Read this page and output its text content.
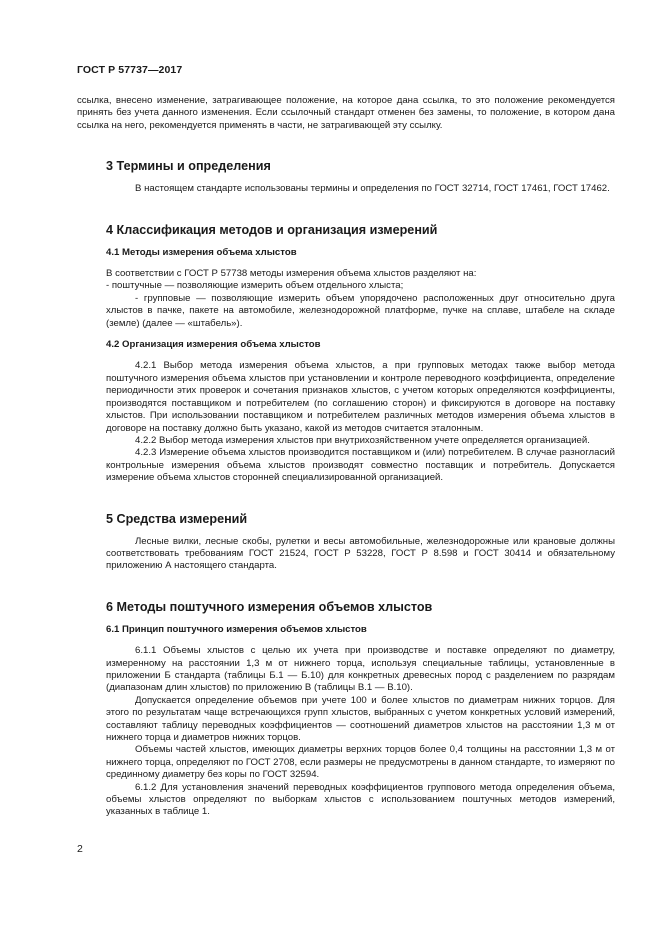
ГОСТ Р 57737—2017

ссылка, внесено изменение, затрагивающее положение, на которое дана ссылка, то это положение рекомендуется принять без учета данного изменения. Если ссылочный стандарт отменен без замены, то положение, в котором дана ссылка на него, рекомендуется применять в части, не затрагивающей эту ссылку.

3 Термины и определения

В настоящем стандарте использованы термины и определения по ГОСТ 32714, ГОСТ 17461, ГОСТ 17462.

4 Классификация методов и организация измерений
4.1 Методы измерения объема хлыстов

В соответствии с ГОСТ Р 57738 методы измерения объема хлыстов разделяют на:

- поштучные — позволяющие измерить объем отдельного хлыста;

- групповые — позволяющие измерить объем упорядочено расположенных друг относительно друга хлыстов в пачке, пакете на автомобиле, железнодорожной платформе, пучке на сплаве, штабеле на складе (земле) (далее — «штабель»).

4.2 Организация измерения объема хлыстов

4.2.1 Выбор метода измерения объема хлыстов, а при групповых методах также выбор метода поштучного измерения объема хлыстов при установлении и контроле переводного коэффициента, определение периодичности этих проверок и сочетания признаков хлыстов, с учетом которых определяются коэффициенты, производятся поставщиком и потребителем (по соглашению сторон) и фиксируются в договоре на поставку хлыстов. При использовании поставщиком и потребителем различных методов измерения объема хлыстов в договоре на поставку должно быть указано, какой из методов считается эталонным.

4.2.2 Выбор метода измерения хлыстов при внутрихозяйственном учете определяется организацией.

4.2.3 Измерение объема хлыстов производится поставщиком и (или) потребителем. В случае разногласий контрольные измерения объема хлыстов производят совместно поставщик и потребитель. Допускается измерение объема хлыстов сторонней специализированной организацией.

5 Средства измерений

Лесные вилки, лесные скобы, рулетки и весы автомобильные, железнодорожные или крановые должны соответствовать требованиям ГОСТ 21524, ГОСТ Р 53228, ГОСТ Р 8.598 и ГОСТ 30414 и обязательному приложению А настоящего стандарта.

6 Методы поштучного измерения объемов хлыстов
6.1 Принцип поштучного измерения объемов хлыстов

6.1.1 Объемы хлыстов с целью их учета при производстве и поставке определяют по диаметру, измеренному на расстоянии 1,3 м от нижнего торца, используя специальные таблицы, установленные в приложении Б стандарта (таблицы Б.1 — Б.10) для конкретных древесных пород с разделением по разрядам (диапазонам длин хлыстов) по приложению В (таблицы В.1 — В.10).

Допускается определение объемов при учете 100 и более хлыстов по диаметрам нижних торцов. Для этого по результатам чаще встречающихся групп хлыстов, выбранных с учетом конкретных условий измерений, составляют таблицу переводных коэффициентов — соотношений диаметров хлыстов на расстоянии 1,3 м от нижнего торца и диаметров нижних торцов.

Объемы частей хлыстов, имеющих диаметры верхних торцов более 0,4 толщины на расстоянии 1,3 м от нижнего торца, определяют по ГОСТ 2708, если размеры не предусмотрены в данном стандарте, то измеряют по срединному диаметру без коры по ГОСТ 32594.

6.1.2 Для установления значений переводных коэффициентов группового метода определения объема, объемы хлыстов определяют по выборкам хлыстов с использованием поштучных методов измерений, указанных в таблице 1.

2
